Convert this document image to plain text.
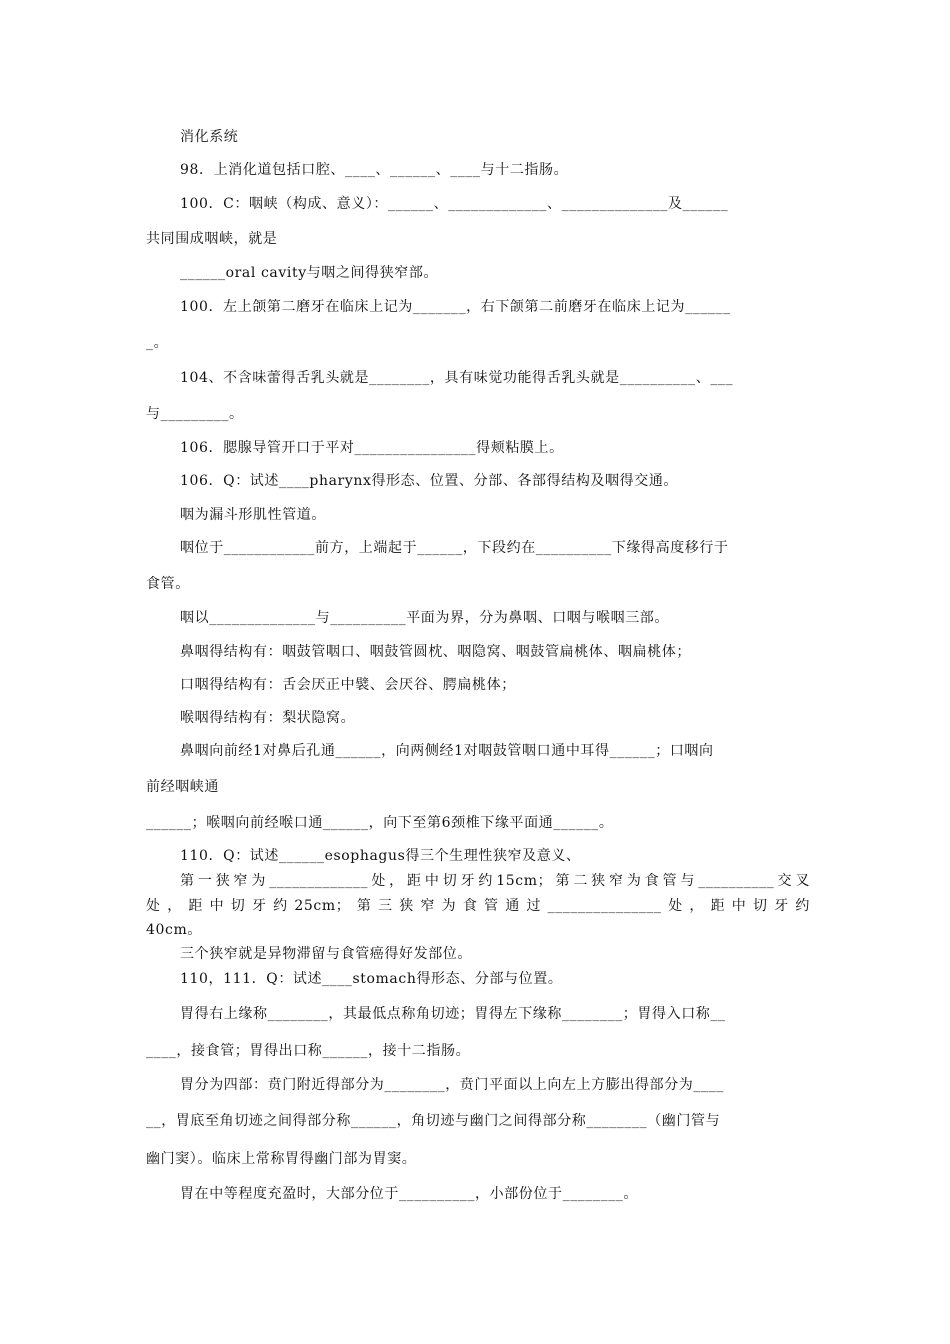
消化系统
98．上消化道包括口腔、____、______、____与十二指肠。
100．C：咽峡（构成、意义）：______、_____________、______________及______
共同围成咽峡，就是
______oral cavity与咽之间得狭窄部。
100．左上颌第二磨牙在临床上记为_______，右下颌第二前磨牙在临床上记为______
_。
104、不含味蕾得舌乳头就是________，具有味觉功能得舌乳头就是__________、___
与_________。
106．腮腺导管开口于平对________________得颊粘膜上。
106．Q：试述____pharynx得形态、位置、分部、各部得结构及咽得交通。
咽为漏斗形肌性管道。
咽位于____________前方，上端起于______，下段约在__________下缘得高度移行于
食管。
咽以______________与__________平面为界，分为鼻咽、口咽与喉咽三部。
鼻咽得结构有：咽鼓管咽口、咽鼓管圆枕、咽隐窝、咽鼓管扁桃体、咽扁桃体；
口咽得结构有：舌会厌正中襞、会厌谷、腭扁桃体；
喉咽得结构有：梨状隐窝。
鼻咽向前经1对鼻后孔通______，向两侧经1对咽鼓管咽口通中耳得______；口咽向
前经咽峡通
______；喉咽向前经喉口通______，向下至第6颈椎下缘平面通______。
110．Q：试述______esophagus得三个生理性狭窄及意义、
第一狭窄为_____________处，距中切牙约15cm；第二狭窄为食管与__________交叉
处，距中切牙约25cm；第三狭窄为食管通过_______________处，距中切牙约
40cm。
三个狭窄就是异物滞留与食管癌得好发部位。
110，111．Q：试述____stomach得形态、分部与位置。
胃得右上缘称________，其最低点称角切迹；胃得左下缘称________；胃得入口称__
____，接食管；胃得出口称______，接十二指肠。
胃分为四部：贲门附近得部分为________，贲门平面以上向左上方膨出得部分为____
__，胃底至角切迹之间得部分称______，角切迹与幽门之间得部分称________（幽门管与
幽门窦）。临床上常称胃得幽门部为胃窦。
胃在中等程度充盈时，大部分位于__________，小部份位于________。
